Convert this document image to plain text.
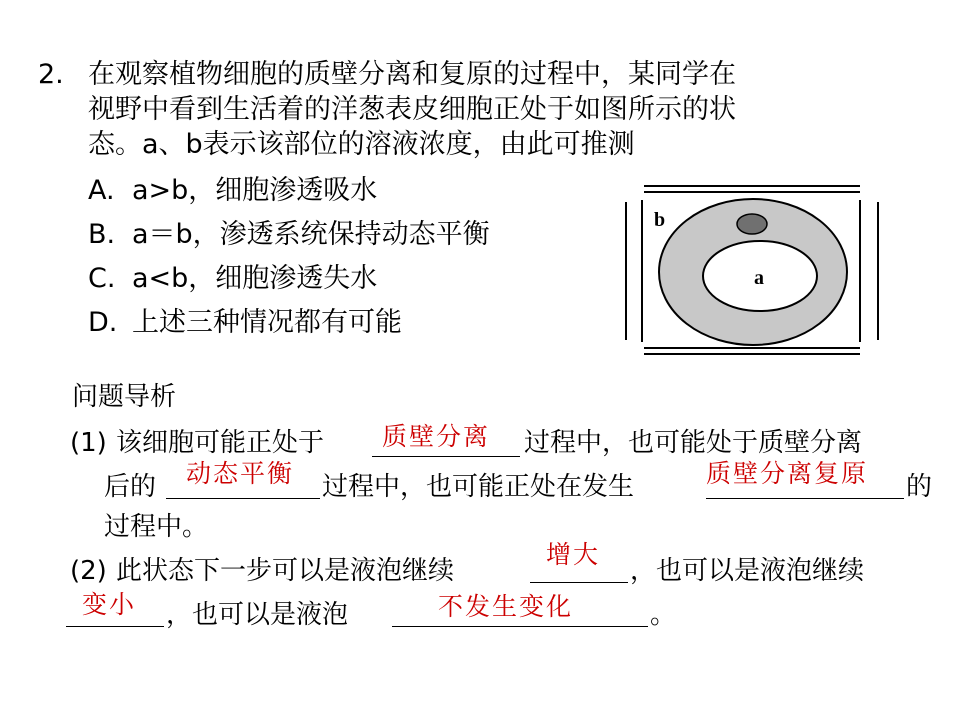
2. 在观察植物细胞的质壁分离和复原的过程中，某同学在
视野中看到生活着的洋葱表皮细胞正处于如图所示的状
态。a、b表示该部位的溶液浓度，由此可推测
A. a>b，细胞渗透吸水
B. a＝b，渗透系统保持动态平衡
C. a<b，细胞渗透失水
D. 上述三种情况都有可能
b
a
问题导析
(1) 该细胞可能正处于 质壁分离 过程中，也可能处于质壁分离
后的 动态平衡 过程中，也可能正处在发生	质壁分离复原 的
过程中。
(2) 此状态下一步可以是液泡继续
增大
，也可以是液泡继续
变小 ，也可以是液泡	不发生变化	。
